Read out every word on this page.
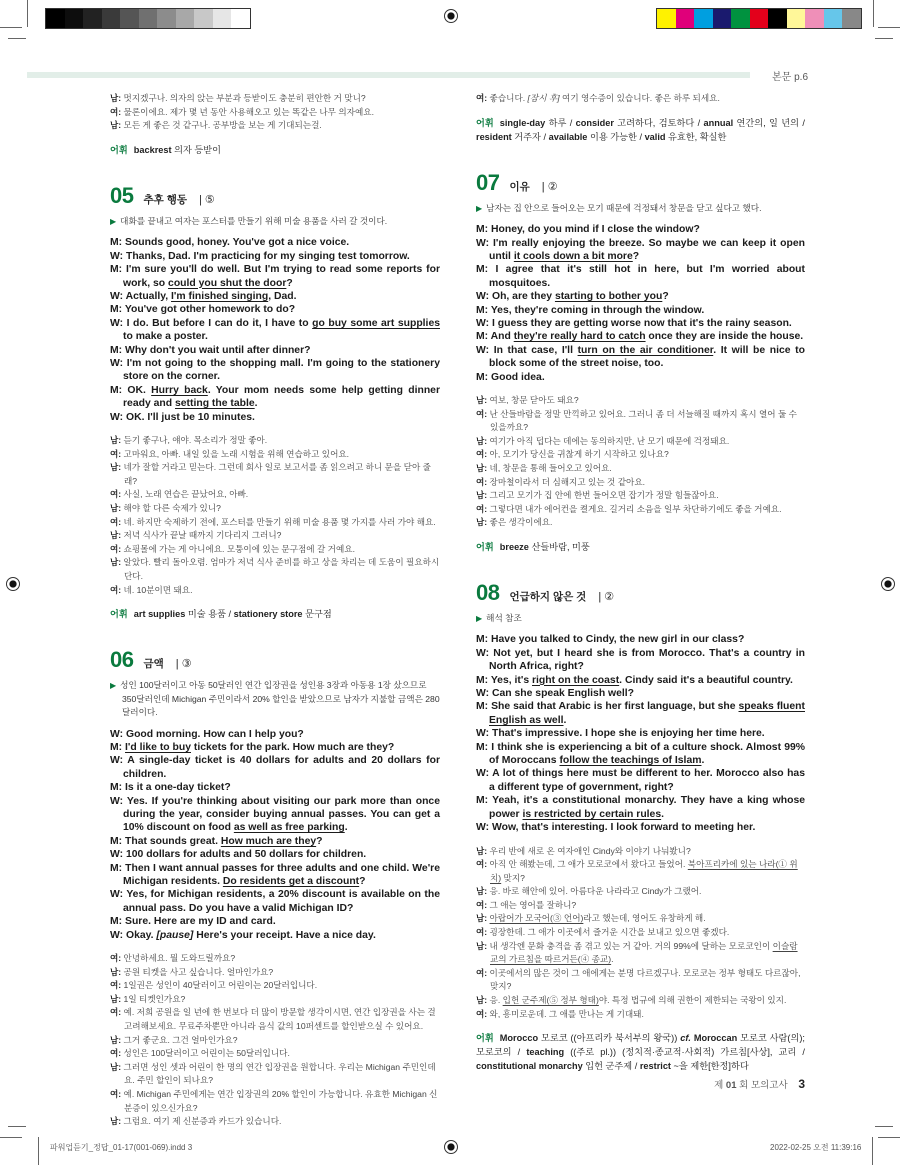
본문 p.6
남: 멋지겠구나. 의자의 앉는 부분과 등받이도 충분히 편안한 거 맞니?
여: 물론이에요. 제가 몇 년 동안 사용해오고 있는 똑같은 나무 의자예요.
남: 모든 게 좋은 것 같구나. 공부방을 보는 게 기대되는걸.
어휘 backrest 의자 등받이
05 추후 행동 | ⑤
▶ 대화를 끝내고 여자는 포스터를 만들기 위해 미술 용품을 사러 갈 것이다.
M: Sounds good, honey. You've got a nice voice.
W: Thanks, Dad. I'm practicing for my singing test tomorrow.
M: I'm sure you'll do well. But I'm trying to read some reports for work, so could you shut the door?
W: Actually, I'm finished singing, Dad.
M: You've got other homework to do?
W: I do. But before I can do it, I have to go buy some art supplies to make a poster.
M: Why don't you wait until after dinner?
W: I'm not going to the shopping mall. I'm going to the stationery store on the corner.
M: OK. Hurry back. Your mom needs some help getting dinner ready and setting the table.
W: OK. I'll just be 10 minutes.
남: 듣기 좋구나, 얘야. 목소리가 정말 좋아.
여: 고마워요, 아빠. 내일 있을 노래 시험을 위해 연습하고 있어요.
남: 네가 잘할 거라고 믿는다. 그런데 회사 일로 보고서를 좀 읽으려고 하니 문을 닫아 줄래?
여: 사실, 노래 연습은 끝났어요, 아빠.
남: 해야 할 다른 숙제가 있니?
여: 네. 하지만 숙제하기 전에, 포스터를 만들기 위해 미술 용품 몇 가지를 사러 가야 해요.
남: 저녁 식사가 끝날 때까지 기다리지 그러니?
여: 쇼핑몰에 가는 게 아니에요. 모퉁이에 있는 문구점에 갈 거예요.
남: 알았다. 빨리 돌아오렴. 엄마가 저녁 식사 준비를 하고 상을 차리는 데 도움이 필요하시단다.
여: 네. 10분이면 돼요.
어휘 art supplies 미술 용품 / stationery store 문구점
06 금액 | ③
▶ 성인 100달러이고 아동 50달러인 연간 입장권을 성인용 3장과 아동용 1장 샀으므로 350달러인데 Michigan 주민이라서 20% 할인을 받았으므로 남자가 지불할 금액은 280달러이다.
W: Good morning. How can I help you?
M: I'd like to buy tickets for the park. How much are they?
W: A single-day ticket is 40 dollars for adults and 20 dollars for children.
M: Is it a one-day ticket?
W: Yes. If you're thinking about visiting our park more than once during the year, consider buying annual passes. You can get a 10% discount on food as well as free parking.
M: That sounds great. How much are they?
W: 100 dollars for adults and 50 dollars for children.
M: Then I want annual passes for three adults and one child. We're Michigan residents. Do residents get a discount?
W: Yes, for Michigan residents, a 20% discount is available on the annual pass. Do you have a valid Michigan ID?
M: Sure. Here are my ID and card.
W: Okay. [pause] Here's your receipt. Have a nice day.
여: 안녕하세요. 뭘 도와드릴까요?
남: 공원 티켓을 사고 싶습니다. 얼마인가요?
여: 1일권은 성인이 40달러이고 어린이는 20달러입니다.
남: 1일 티켓인가요?
여: 예. 저희 공원을 일 년에 한 번보다 더 많이 방문할 생각이시면, 연간 입장권을 사는 걸 고려해보세요. 무료주차뿐만 아니라 음식 값의 10퍼센트를 할인받으실 수 있어요.
남: 그거 좋군요. 그건 얼마인가요?
여: 성인은 100달러이고 어린이는 50달러입니다.
남: 그러면 성인 셋과 어린이 한 명의 연간 입장권을 원합니다. 우리는 Michigan 주민인데요. 주민 할인이 되나요?
여: 예. Michigan 주민에게는 연간 입장권의 20% 할인이 가능합니다. 유효한 Michigan 신분증이 있으신가요?
남: 그럼요. 여기 제 신분증과 카드가 있습니다.
여: 좋습니다. [잠시 후] 여기 영수증이 있습니다. 좋은 하루 되세요.
어휘 single-day 하루 / consider 고려하다, 검토하다 / annual 연간의, 일 년의 / resident 거주자 / available 이용 가능한 / valid 유효한, 확실한
07 이유 | ②
▶ 남자는 집 안으로 들어오는 모기 때문에 걱정돼서 창문을 닫고 싶다고 했다.
M: Honey, do you mind if I close the window?
W: I'm really enjoying the breeze. So maybe we can keep it open until it cools down a bit more?
M: I agree that it's still hot in here, but I'm worried about mosquitoes.
W: Oh, are they starting to bother you?
M: Yes, they're coming in through the window.
W: I guess they are getting worse now that it's the rainy season.
M: And they're really hard to catch once they are inside the house.
W: In that case, I'll turn on the air conditioner. It will be nice to block some of the street noise, too.
M: Good idea.
남: 여보, 창문 닫아도 돼요?
여: 난 산들바람을 정말 만끽하고 있어요. 그러니 좀 더 서늘해질 때까지 혹시 열어 둘 수 있을까요?
남: 여기가 아직 덥다는 데에는 동의하지만, 난 모기 때문에 걱정돼요.
여: 아, 모기가 당신을 귀찮게 하기 시작하고 있나요?
남: 네, 창문을 통해 들어오고 있어요.
여: 장마철이라서 더 심해지고 있는 것 같아요.
남: 그리고 모기가 집 안에 한번 들어오면 잡기가 정말 힘들잖아요.
여: 그렇다면 내가 에어컨을 켤게요. 길거리 소음을 일부 차단하기에도 좋을 거예요.
남: 좋은 생각이에요.
어휘 breeze 산들바람, 미풍
08 언급하지 않은 것 | ②
▶ 해석 참조
M: Have you talked to Cindy, the new girl in our class?
W: Not yet, but I heard she is from Morocco. That's a country in North Africa, right?
M: Yes, it's right on the coast. Cindy said it's a beautiful country.
W: Can she speak English well?
M: She said that Arabic is her first language, but she speaks fluent English as well.
W: That's impressive. I hope she is enjoying her time here.
M: I think she is experiencing a bit of a culture shock. Almost 99% of Moroccans follow the teachings of Islam.
W: A lot of things here must be different to her. Morocco also has a different type of government, right?
M: Yeah, it's a constitutional monarchy. They have a king whose power is restricted by certain rules.
W: Wow, that's interesting. I look forward to meeting her.
남: 우리 반에 새로 온 여자애인 Cindy와 이야기 나눠봤니?
여: 아직 안 해봤는데, 그 애가 모로코에서 왔다고 들었어. 북아프리카에 있는 나라(① 위치) 맞지?
남: 응. 바로 해안에 있어. 아름다운 나라라고 Cindy가 그랬어.
여: 그 애는 영어를 잘하니?
남: 아랍어가 모국어(③ 언어)라고 했는데, 영어도 유창하게 해.
여: 굉장한데. 그 애가 이곳에서 즐거운 시간을 보내고 있으면 좋겠다.
남: 내 생각엔 문화 충격을 좀 겪고 있는 거 같아. 거의 99%에 달하는 모로코인이 이슬람교의 가르침을 따르거든(④ 종교).
여: 이곳에서의 많은 것이 그 애에게는 분명 다르겠구나. 모로코는 정부 형태도 다르잖아, 맞지?
남: 응. 입헌 군주제(⑤ 정부 형태)야. 특정 법규에 의해 권한이 제한되는 국왕이 있지.
여: 와, 흥미로운데. 그 애를 만나는 게 기대돼.
어휘 Morocco 모로코 ((아프리카 북서부의 왕국)) cf. Moroccan 모로코 사람(의); 모로코의 / teaching ((주로 pl.)) (정치적·종교적·사회적) 가르침[사상], 교리 / constitutional monarchy 입헌 군주제 / restrict ~을 제한[한정]하다
제 01 회 모의고사 3
파워업듣기_정답_01-17(001-069).indd 3	2022-02-25 오전 11:39:16
